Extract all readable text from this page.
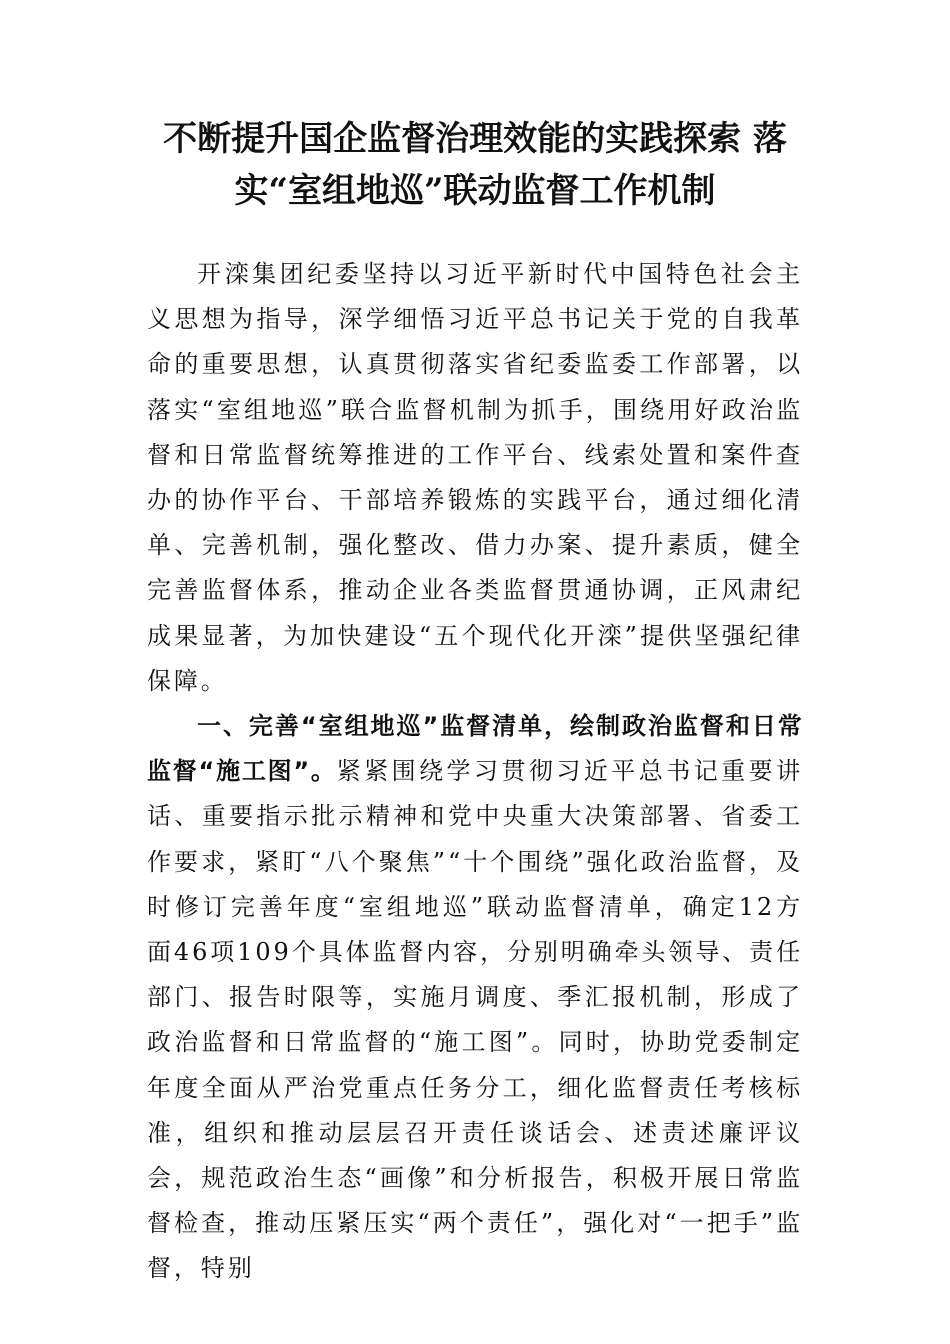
不断提升国企监督治理效能的实践探索 落实“室组地巡”联动监督工作机制

开滦集团纪委坚持以习近平新时代中国特色社会主义思想为指导，深学细悟习近平总书记关于党的自我革命的重要思想，认真贯彻落实省纪委监委工作部署，以落实“室组地巡”联合监督机制为抓手，围绕用好政治监督和日常监督统筹推进的工作平台、线索处置和案件查办的协作平台、干部培养锻炼的实践平台，通过细化清单、完善机制，强化整改、借力办案、提升素质，健全完善监督体系，推动企业各类监督贯通协调，正风肃纪成果显著，为加快建设“五个现代化开滦”提供坚强纪律保障。

一、完善“室组地巡”监督清单，绘制政治监督和日常监督“施工图”。紧紧围绕学习贯彻习近平总书记重要讲话、重要指示批示精神和党中央重大决策部署、省委工作要求，紧盯“八个聚焦”“十个围绕”强化政治监督，及时修订完善年度“室组地巡”联动监督清单，确定12方面46项109个具体监督内容，分别明确牵头领导、责任部门、报告时限等，实施月调度、季汇报机制，形成了政治监督和日常监督的“施工图”。同时，协助党委制定年度全面从严治党重点任务分工，细化监督责任考核标准，组织和推动层层召开责任谈话会、述责述廉评议会，规范政治生态“画像”和分析报告，积极开展日常监督检查，推动压紧压实“两个责任”，强化对“一把手”监督，特别
